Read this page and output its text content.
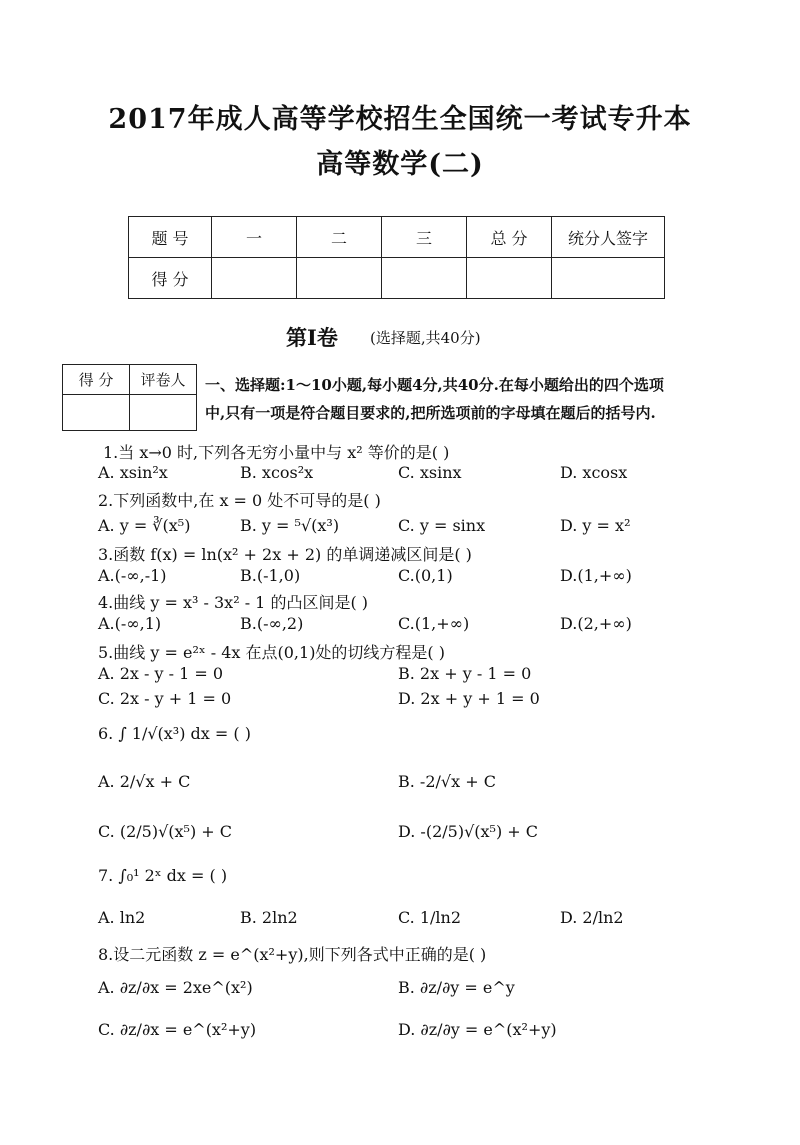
2017年成人高等学校招生全国统一考试专升本
高等数学(二)
题 号	一	二	三	总 分	统分人签字
得 分					
第Ⅰ卷 (选择题,共40分)
得 分	评卷人
	一、选择题:1～10小题,每小题4分,共40分.在每小题给出的四个选项
中,只有一项是符合题目要求的,把所选项前的字母填在题后的括号内.
1.当 x→0 时,下列各无穷小量中与 x² 等价的是( )
A. xsin²x	B. xcos²x	C. xsinx	D. xcosx
2.下列函数中,在 x = 0 处不可导的是( )
A. y = ∛(x⁵)	B. y = ⁵√(x³)	C. y = sinx	D. y = x²
3.函数 f(x) = ln(x² + 2x + 2) 的单调递减区间是( )
A.(-∞,-1)	B.(-1,0)	C.(0,1)	D.(1,+∞)
4.曲线 y = x³ - 3x² - 1 的凸区间是( )
A.(-∞,1)	B.(-∞,2)	C.(1,+∞)	D.(2,+∞)
5.曲线 y = e²ˣ - 4x 在点(0,1)处的切线方程是( )
A. 2x - y - 1 = 0	B. 2x + y - 1 = 0
C. 2x - y + 1 = 0	D. 2x + y + 1 = 0
6. ∫ 1/√(x³) dx = ( )
A. 2/√x + C	B. -2/√x + C
C. (2/5)√(x⁵) + C	D. -(2/5)√(x⁵) + C
7. ∫₀¹ 2ˣ dx = ( )
A. ln2	B. 2ln2	C. 1/ln2	D. 2/ln2
8.设二元函数 z = e^(x²+y),则下列各式中正确的是( )
A. ∂z/∂x = 2xe^(x²)	B. ∂z/∂y = e^y
C. ∂z/∂x = e^(x²+y)	D. ∂z/∂y = e^(x²+y)
